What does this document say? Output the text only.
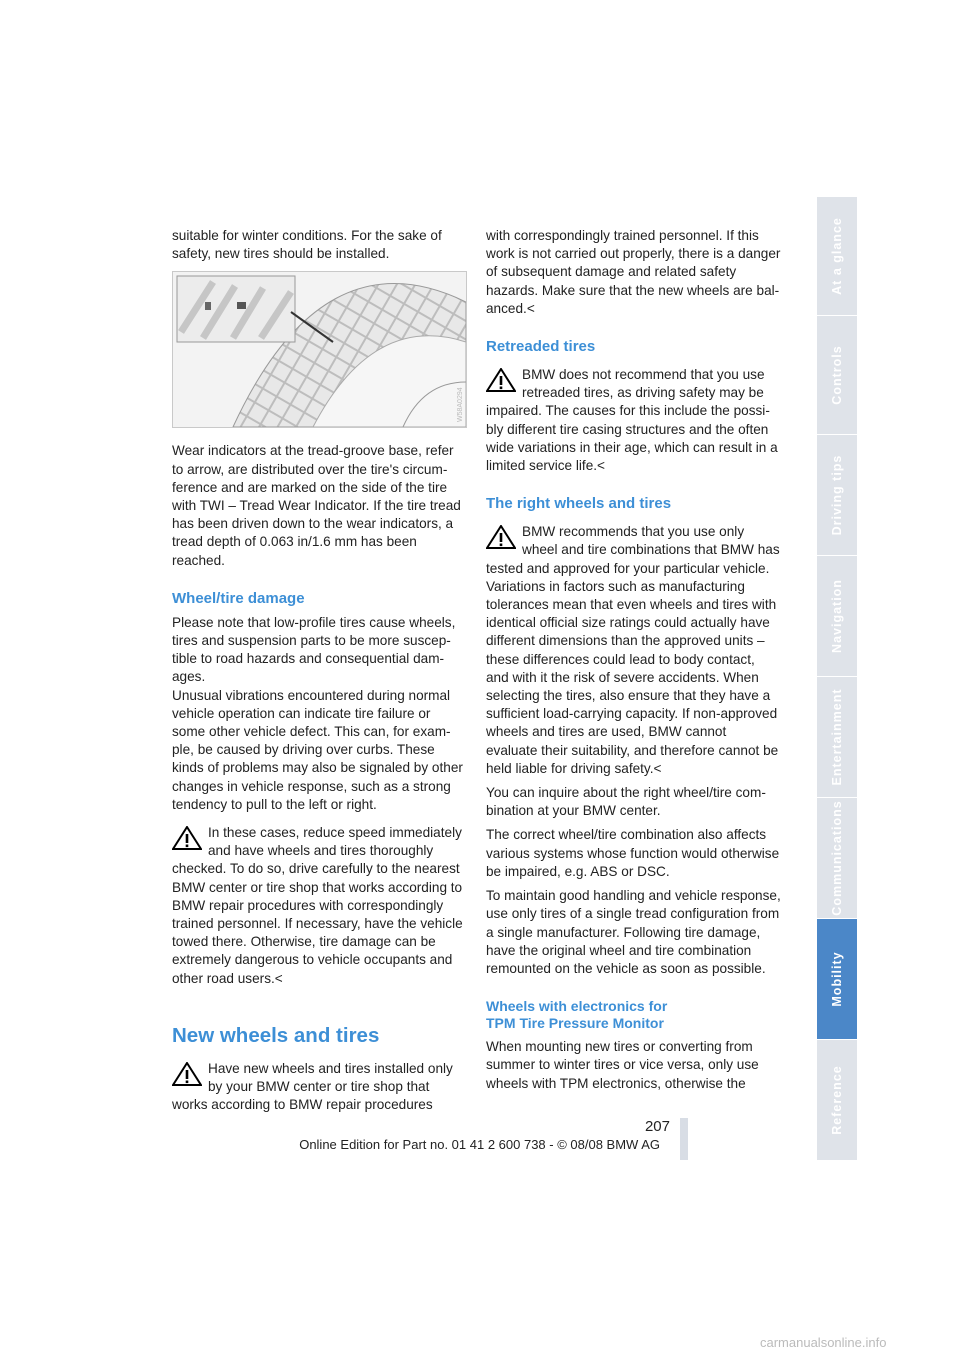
suitable for winter conditions. For the sake of safety, new tires should be installed.

W58A0294

Wear indicators at the tread-groove base, refer to arrow, are distributed over the tire's circumference and are marked on the side of the tire with TWI – Tread Wear Indicator. If the tire tread has been driven down to the wear indicators, a tread depth of 0.063 in/1.6 mm has been reached.

Wheel/tire damage

Please note that low-profile tires cause wheels, tires and suspension parts to be more susceptible to road hazards and consequential damages.

Unusual vibrations encountered during normal vehicle operation can indicate tire failure or some other vehicle defect. This can, for example, be caused by driving over curbs. These kinds of problems may also be signaled by other changes in vehicle response, such as a strong tendency to pull to the left or right.

In these cases, reduce speed immediately and have wheels and tires thoroughly checked. To do so, drive carefully to the nearest BMW center or tire shop that works according to BMW repair procedures with correspondingly trained personnel. If necessary, have the vehicle towed there. Otherwise, tire damage can be extremely dangerous to vehicle occupants and other road users.<
New wheels and tires
Have new wheels and tires installed only by your BMW center or tire shop that works according to BMW repair procedures

with correspondingly trained personnel. If this work is not carried out properly, there is a danger of subsequent damage and related safety hazards. Make sure that the new wheels are balanced.<

Retreaded tires
BMW does not recommend that you use retreaded tires, as driving safety may be impaired. The causes for this include the possibly different tire casing structures and the often wide variations in their age, which can result in a limited service life.<
The right wheels and tires
BMW recommends that you use only wheel and tire combinations that BMW has tested and approved for your particular vehicle. Variations in factors such as manufacturing tolerances mean that even wheels and tires with identical official size ratings could actually have different dimensions than the approved units – these differences could lead to body contact, and with it the risk of severe accidents. When selecting the tires, also ensure that they have a sufficient load-carrying capacity. If non-approved wheels and tires are used, BMW cannot evaluate their suitability, and therefore cannot be held liable for driving safety.<

You can inquire about the right wheel/tire combination at your BMW center.

The correct wheel/tire combination also affects various systems whose function would otherwise be impaired, e.g. ABS or DSC.

To maintain good handling and vehicle response, use only tires of a single tread configuration from a single manufacturer. Following tire damage, have the original wheel and tire combination remounted on the vehicle as soon as possible.

Wheels with electronics for
TPM Tire Pressure Monitor

When mounting new tires or converting from summer to winter tires or vice versa, only use wheels with TPM electronics, otherwise the

At a glance
Controls
Driving tips
Navigation
Entertainment
Communications
Mobility
Reference
207
Online Edition for Part no. 01 41 2 600 738 - © 08/08 BMW AG
carmanualsonline.info
